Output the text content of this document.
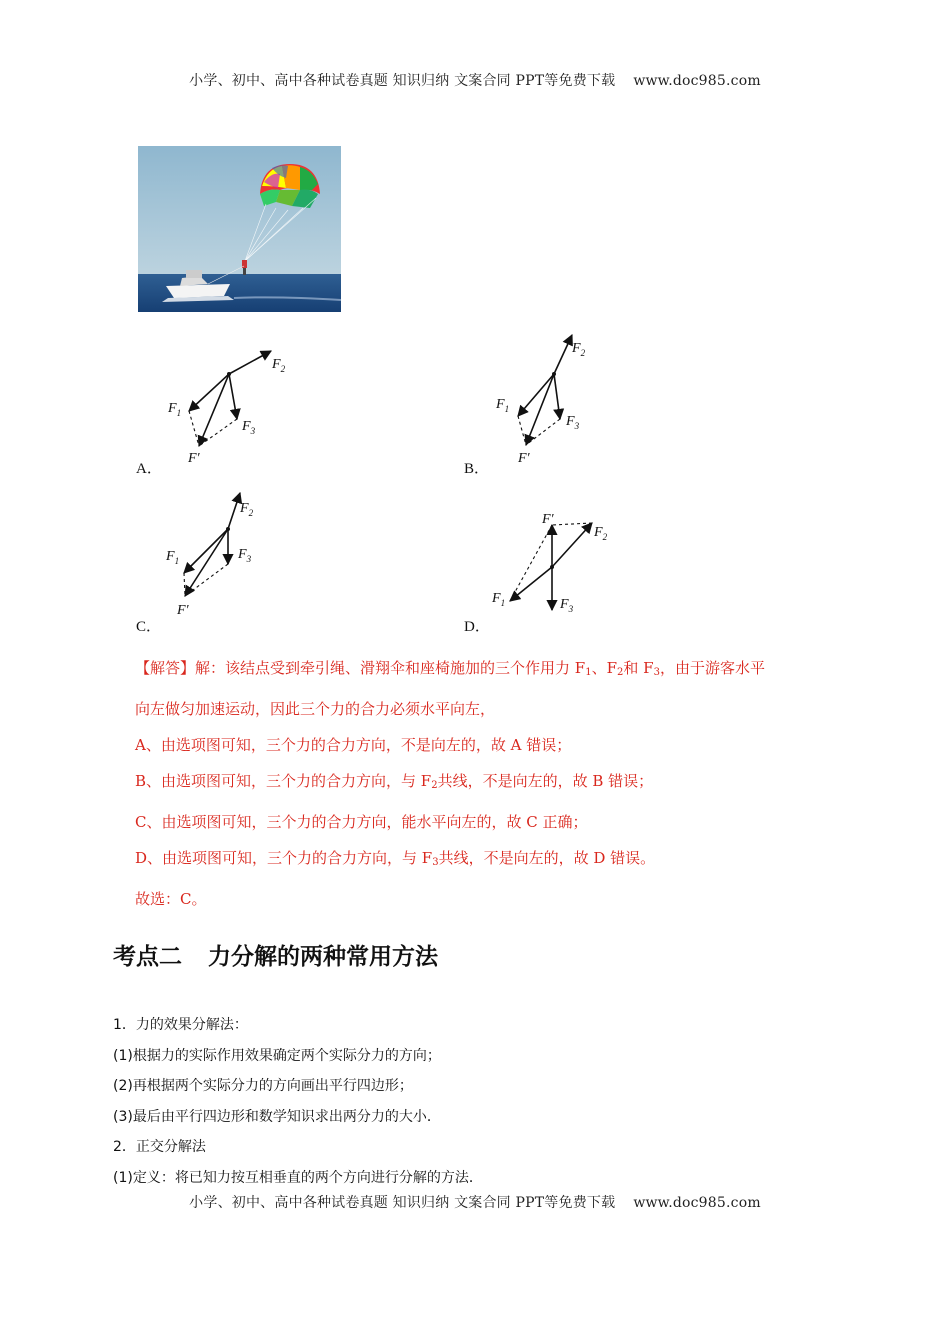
小学、初中、高中各种试卷真题 知识归纳 文案合同 PPT等免费下载 www.doc985.com
$F_2$
$F_1$
$F_3$
F′
A．
$F_2$
$F_1$
$F_3$
F′
B．
$F_2$
$F_1$	$F_3$
F′
C．
F′
$F_2$
$F_1$	$F_3$
D．

【解答】解：该结点受到牵引绳、滑翔伞和座椅施加的三个作用力 $F_1$、$F_2$和 $F_3$，由于游客水平

向左做匀加速运动，因此三个力的合力必须水平向左，

A、由选项图可知，三个力的合力方向，不是向左的，故 A 错误；

B、由选项图可知，三个力的合力方向，与 $F_2$共线，不是向左的，故 B 错误；

C、由选项图可知，三个力的合力方向，能水平向左的，故 C 正确；

D、由选项图可知，三个力的合力方向，与 $F_3$共线，不是向左的，故 D 错误。

故选：C。

考点二 力分解的两种常用方法

1．力的效果分解法：

(1)根据力的实际作用效果确定两个实际分力的方向；

(2)再根据两个实际分力的方向画出平行四边形；

(3)最后由平行四边形和数学知识求出两分力的大小．

2．正交分解法

(1)定义：将已知力按互相垂直的两个方向进行分解的方法．

小学、初中、高中各种试卷真题 知识归纳 文案合同 PPT等免费下载 www.doc985.com
